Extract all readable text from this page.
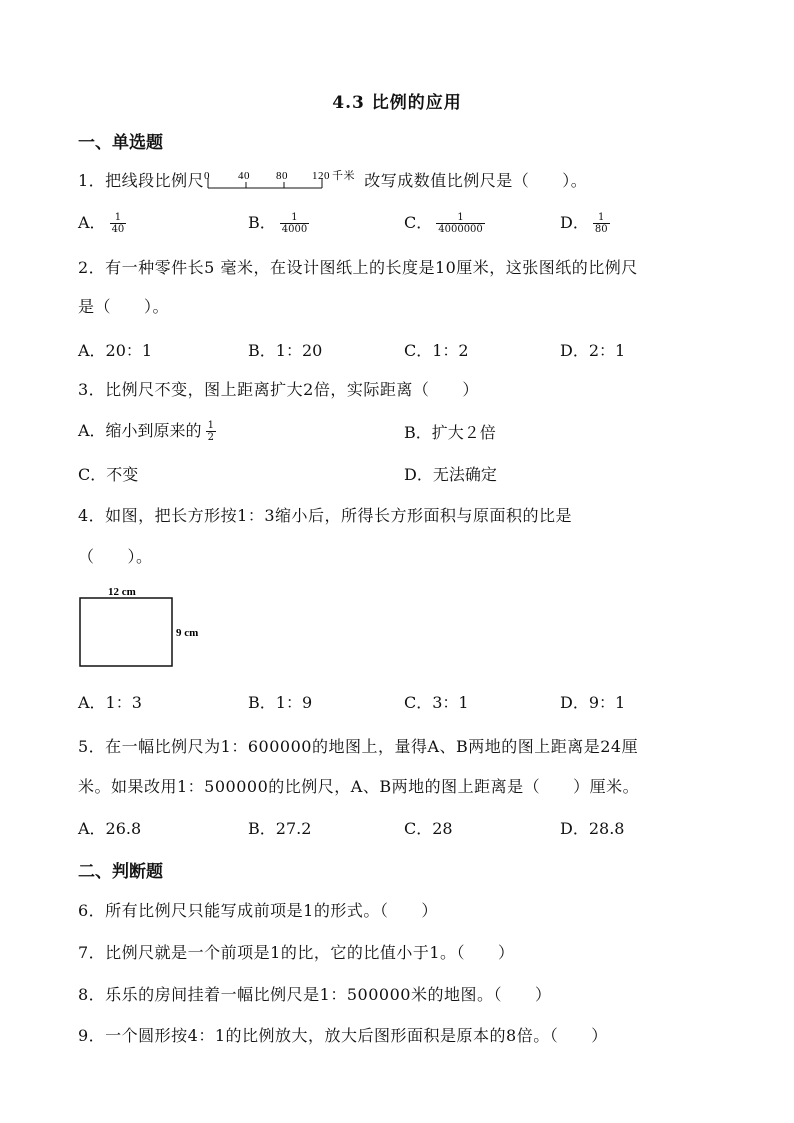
4.3 比例的应用
一、单选题
1．把线段比例尺 0	40 80 120 千米 改写成数值比例尺是（　　）。
A． $\frac{1}{40}$	B． $\frac{1}{4000}$	C． $\frac{1}{4000000}$	D． $\frac{1}{80}$
2．有一种零件长5 毫米，在设计图纸上的长度是10厘米，这张图纸的比例尺
是（　　）。
A．20：1	B．1：20	C．1：2	D．2：1
3．比例尺不变，图上距离扩大2倍，实际距离（　　）
A．缩小到原来的 $\frac{1}{2}$	B．扩大２倍
C．不变	D．无法确定
4．如图，把长方形按1：3缩小后，所得长方形面积与原面积的比是
（　　）。
12 cm
9 cm
A．1：3	B．1：9	C．3：1	D．9：1
5．在一幅比例尺为1：600000的地图上，量得A、B两地的图上距离是24厘
米。如果改用1：500000的比例尺，A、B两地的图上距离是（　　）厘米。
A．26.8	B．27.2	C．28	D．28.8
二、判断题
6．所有比例尺只能写成前项是1的形式。（　　）
7．比例尺就是一个前项是1的比，它的比值小于1。（　　）
8．乐乐的房间挂着一幅比例尺是1：500000米的地图。（　　）
9．一个圆形按4：1的比例放大，放大后图形面积是原本的8倍。（　　）
